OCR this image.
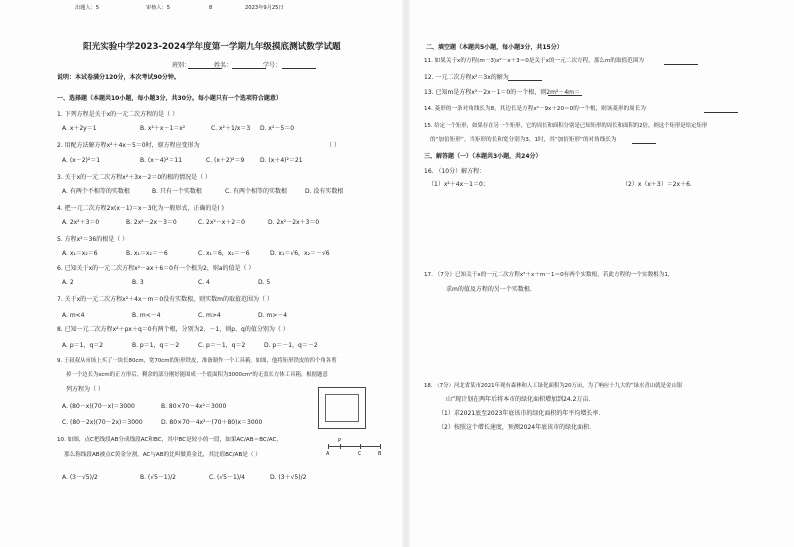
出题人：5	审核人：5	8	2023年9月25日
阳光实验中学2023-2024学年度第一学期九年级摸底测试数学试题
班别：	姓名：	学号：
说明：本试卷满分120分，本次考试90分钟。
一、选择题（本题共10小题，每小题3分，共30分。每小题只有一个选项符合题意）
1. 下列方程是关于x的一元二次方程的是（ ）
A. x＋2y＝1	B. x²＋x－1＝x²	C. x²＋1/x＝3 D. x²－5＝0
2. 用配方法解方程x²＋4x－5＝0时，原方程应变形为	（ ）
A. (x－2)²＝1	B. (x－4)²＝11	C. (x＋2)²＝9	D. (x＋4)²＝21
3. 关于x的一元二次方程x²＋3x－2＝0的根的情况是（ ）
A. 有两个不相等的实数根	B. 只有一个实数根	C. 有两个相等的实数根	D. 没有实数根
4. 把一元二次方程2x(x－1)＝x－3化为一般形式，正确的是( )
A. 2x²＋3＝0	B. 2x²－2x－3＝0	C. 2x²－x＋2＝0	D. 2x²－2x＋3＝0
5. 方程x²＝36的根是（ ）
A. x₁＝x₂＝6	B. x₁＝x₂＝－6	C. x₁＝6，x₂＝－6	D. x₁＝√6，x₂＝－√6
6. 已知关于x的一元二次方程x²－ax＋6＝0有一个根为2，则a的值是（ ）
A. 2	B. 3	C. 4	D. 5
7. 关于x的一元二次方程x²＋4x－m＝0没有实数根，则实数m的取值范围为（ ）
A. m<4	B. m<－4	C. m>4	D. m>－4
8. 已知一元二次方程x²＋px＋q＝0有两个根，分别为2、－1，则p、q的值分别为（ ）
A. p＝1，q＝2	B. p＝1，q＝－2	C. p＝－1，q＝2	D. p＝－1，q＝－2
9. 王叔叔从市场上买了一块长80cm，宽70cm的矩形铁皮，准备制作一个工具箱。如图，他将矩形铁皮的四个角各剪
掉一个边长为xcm的正方形后，剩余的部分刚好能围成一个底面积为3000cm²的无盖长方体工具箱，根据题意
列方程为（ ）
A. (80－x)(70－x)＝3000	B. 80×70－4x²＝3000
C. (80－2x)(70－2x)＝3000	D. 80×70－4x²－(70＋80)x＝3000
10. 如图，点C把线段AB分成线段AC和BC，其中BC是较小的一段，如果AC/AB＝BC/AC，
那么称线段AB被点C黄金分割，AC与AB的比叫做黄金比，其比值BC/AB是（ ）
A. (3－√5)/2	B. (√5－1)/2	C. (√5－1)/4	D. (3＋√5)/2
A
P
C	B
二、填空题（本题共5小题，每小题3分，共15分）
11. 如果关于x的方程(m－3)x²－x＋3＝0是关于x的一元二次方程，那么m的取值范围为
12. 一元二次方程x²＝3x的解为
13. 已知m是方程x²－2x－1＝0的一个根，则2m²－4m＝
14. 菱形的一条对角线长为8，其边长是方程x²－9x＋20＝0的一个根，则该菱形的周长为
15. 给定一个矩形，如果存在另一个矩形，它的周长和面积分别是已知矩形的周长和面积的2倍，则这个矩形是给定矩形
的“加倍矩形”。当矩形的长和宽分别为3，1时，其“加倍矩形”的对角线长为
三、解答题（一）（本题共3小题，共24分）
16. （10分）解方程：
（1）x²＋4x－1＝0；	（2）x（x＋3）＝2x＋6.
17. （7分）已知关于x的一元二次方程x²＋x＋m－1＝0有两个实数根，若此方程的一个实数根为1，
求m的值及方程的另一个实数根.
18. （7分）河北省某市2021年现有森林和人工绿化面积为20万亩，为了响应十九大的“绿水青山就是金山银
山”现计划在两年后将本市的绿化面积增加到24.2万亩.
（1）求2021底至2023年底该市的绿化面积的年平均增长率.
（2）按照这个增长速度，预测2024年底该市的绿化面积.
